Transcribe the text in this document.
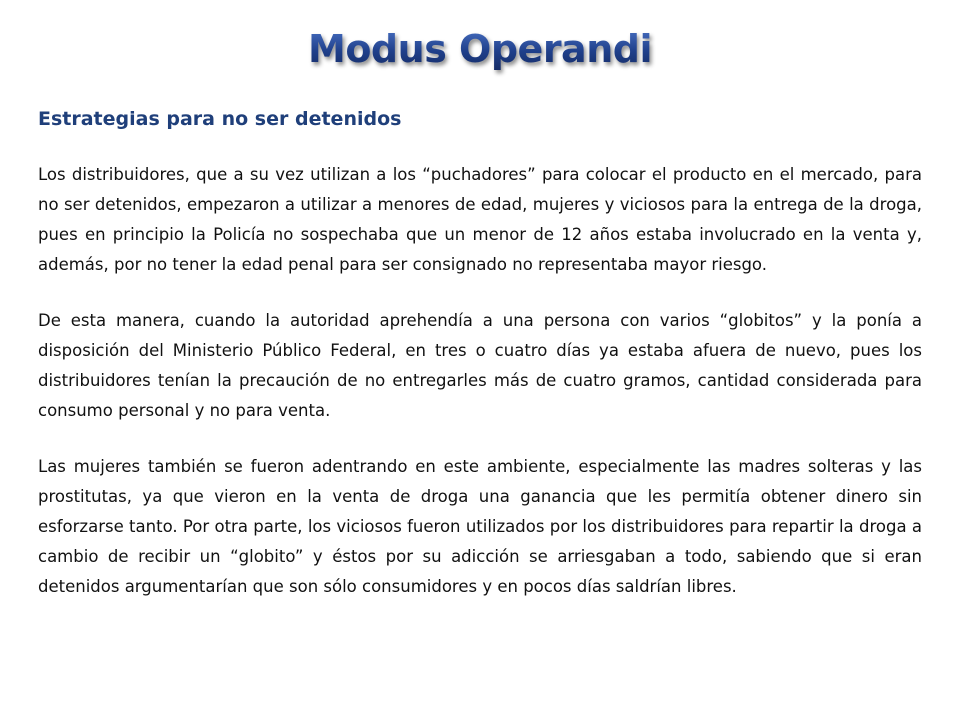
Modus Operandi
Estrategias para no ser detenidos

Los distribuidores, que a su vez utilizan a los “puchadores” para colocar el producto en el mercado, para no ser detenidos, empezaron a utilizar a menores de edad, mujeres y viciosos para la entrega de la droga, pues en principio la Policía no sospechaba que un menor de 12 años estaba involucrado en la venta y, además, por no tener la edad penal para ser consignado no representaba mayor riesgo.

De esta manera, cuando la autoridad aprehendía a una persona con varios “globitos” y la ponía a disposición del Ministerio Público Federal, en tres o cuatro días ya estaba afuera de nuevo, pues los distribuidores tenían la precaución de no entregarles más de cuatro gramos, cantidad considerada para consumo personal y no para venta.

Las mujeres también se fueron adentrando en este ambiente, especialmente las madres solteras y las prostitutas, ya que vieron en la venta de droga una ganancia que les permitía obtener dinero sin esforzarse tanto. Por otra parte, los viciosos fueron utilizados por los distribuidores para repartir la droga a cambio de recibir un “globito” y éstos por su adicción se arriesgaban a todo, sabiendo que si eran detenidos argumentarían que son sólo consumidores y en pocos días saldrían libres.
